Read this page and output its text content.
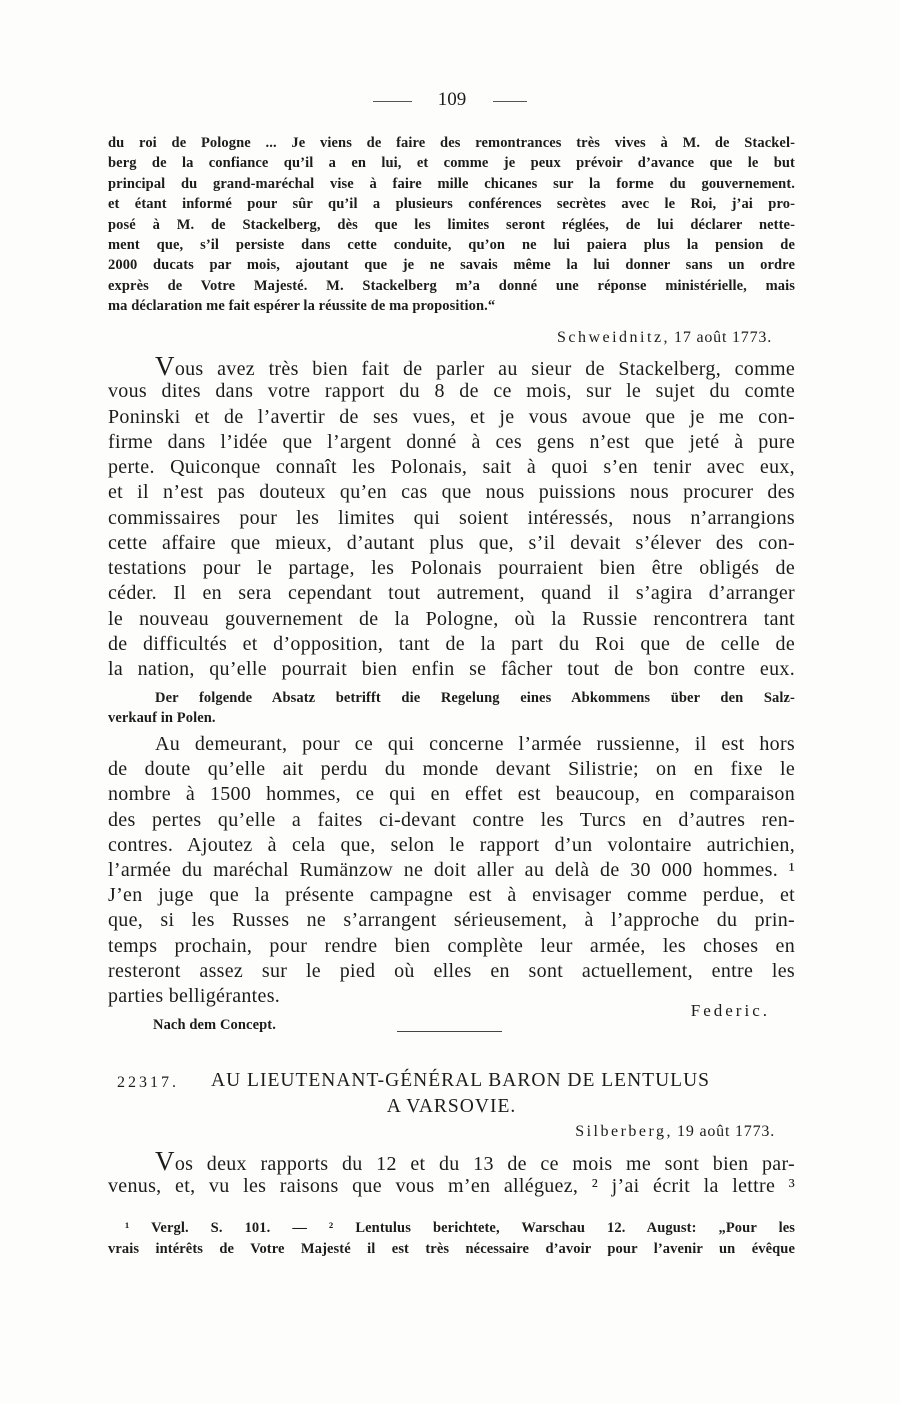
109
du roi de Pologne ... Je viens de faire des remontrances très vives à M. de Stackel-
berg de la confiance qu’il a en lui, et comme je peux prévoir d’avance que le but
principal du grand-maréchal vise à faire mille chicanes sur la forme du gouvernement.
et étant informé pour sûr qu’il a plusieurs conférences secrètes avec le Roi, j’ai pro-
posé à M. de Stackelberg, dès que les limites seront réglées, de lui déclarer nette-
ment que, s’il persiste dans cette conduite, qu’on ne lui paiera plus la pension de
2000 ducats par mois, ajoutant que je ne savais même la lui donner sans un ordre
exprès de Votre Majesté. M. Stackelberg m’a donné une réponse ministérielle, mais
ma déclaration me fait espérer la réussite de ma proposition.“
Schweidnitz, 17 août 1773.
Vous avez très bien fait de parler au sieur de Stackelberg, comme
vous dites dans votre rapport du 8 de ce mois, sur le sujet du comte
Poninski et de l’avertir de ses vues, et je vous avoue que je me con-
firme dans l’idée que l’argent donné à ces gens n’est que jeté à pure
perte. Quiconque connaît les Polonais, sait à quoi s’en tenir avec eux,
et il n’est pas douteux qu’en cas que nous puissions nous procurer des
commissaires pour les limites qui soient intéressés, nous n’arrangions
cette affaire que mieux, d’autant plus que, s’il devait s’élever des con-
testations pour le partage, les Polonais pourraient bien être obligés de
céder. Il en sera cependant tout autrement, quand il s’agira d’arranger
le nouveau gouvernement de la Pologne, où la Russie rencontrera tant
de difficultés et d’opposition, tant de la part du Roi que de celle de
la nation, qu’elle pourrait bien enfin se fâcher tout de bon contre eux.
Der folgende Absatz betrifft die Regelung eines Abkommens über den Salz-
verkauf in Polen.
Au demeurant, pour ce qui concerne l’armée russienne, il est hors
de doute qu’elle ait perdu du monde devant Silistrie; on en fixe le
nombre à 1500 hommes, ce qui en effet est beaucoup, en comparaison
des pertes qu’elle a faites ci-devant contre les Turcs en d’autres ren-
contres. Ajoutez à cela que, selon le rapport d’un volontaire autrichien,
l’armée du maréchal Rumänzow ne doit aller au delà de 30 000 hommes. ¹
J’en juge que la présente campagne est à envisager comme perdue, et
que, si les Russes ne s’arrangent sérieusement, à l’approche du prin-
temps prochain, pour rendre bien complète leur armée, les choses en
resteront assez sur le pied où elles en sont actuellement, entre les
parties belligérantes.
Federic.
Nach dem Concept.
22317. AU LIEUTENANT-GÉNÉRAL BARON DE LENTULUS
A VARSOVIE.
Silberberg, 19 août 1773.
Vos deux rapports du 12 et du 13 de ce mois me sont bien par-
venus, et, vu les raisons que vous m’en alléguez, ² j’ai écrit la lettre ³
¹ Vergl. S. 101. — ² Lentulus berichtete, Warschau 12. August: „Pour les
vrais intérêts de Votre Majesté il est très nécessaire d’avoir pour l’avenir un évêque
